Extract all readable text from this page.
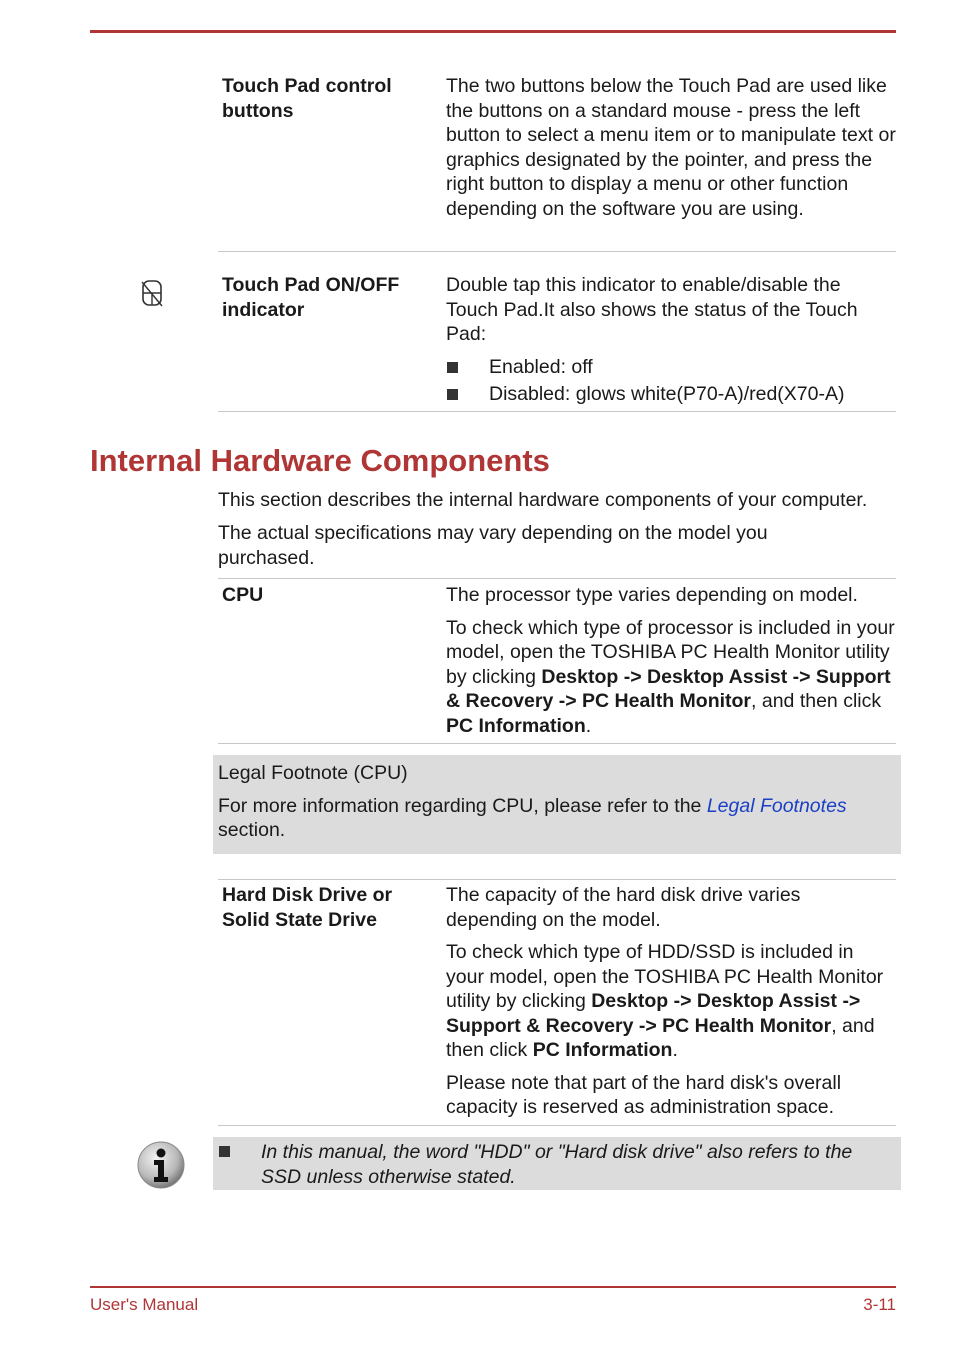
Touch Pad control buttons

The two buttons below the Touch Pad are used like the buttons on a standard mouse - press the left button to select a menu item or to manipulate text or graphics designated by the pointer, and press the right button to display a menu or other function depending on the software you are using.

Touch Pad ON/OFF indicator

Double tap this indicator to enable/disable the Touch Pad.It also shows the status of the Touch Pad:

Enabled: off
Disabled: glows white(P70-A)/red(X70-A)
Internal Hardware Components

This section describes the internal hardware components of your computer.

The actual specifications may vary depending on the model you purchased.

CPU	The processor type varies depending on model.

To check which type of processor is included in your model, open the TOSHIBA PC Health Monitor utility by clicking Desktop -> Desktop Assist -> Support & Recovery -> PC Health Monitor, and then click PC Information.

Legal Footnote (CPU)

For more information regarding CPU, please refer to the Legal Footnotes
section.

Hard Disk Drive or Solid State Drive

The capacity of the hard disk drive varies depending on the model.

To check which type of HDD/SSD is included in your model, open the TOSHIBA PC Health Monitor utility by clicking Desktop -> Desktop Assist -> Support & Recovery -> PC Health Monitor, and then click PC Information.

Please note that part of the hard disk's overall capacity is reserved as administration space.

In this manual, the word "HDD" or "Hard disk drive" also refers to the SSD unless otherwise stated.
User's Manual	3-11
